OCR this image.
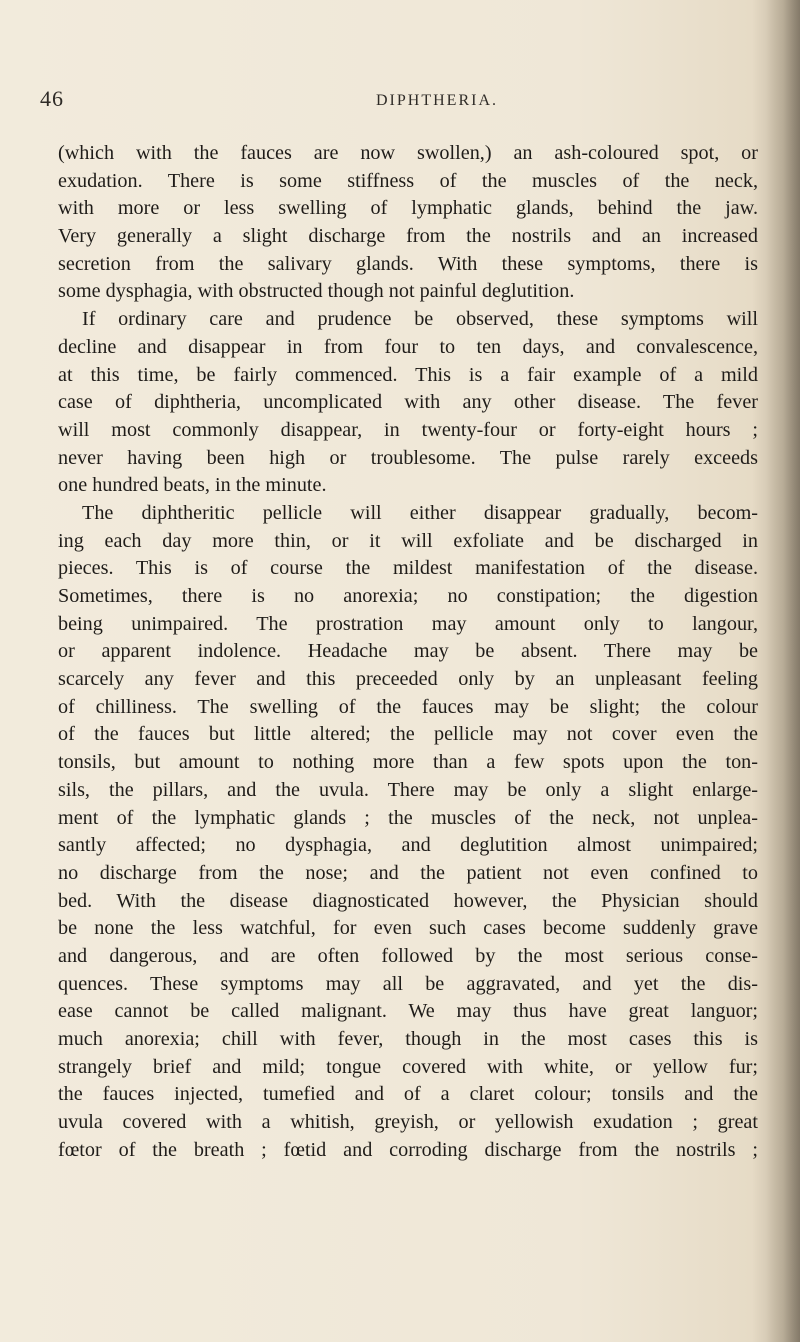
46	DIPHTHERIA.
(which with the fauces are now swollen,) an ash-coloured spot, or
exudation. There is some stiffness of the muscles of the neck,
with more or less swelling of lymphatic glands, behind the jaw.
Very generally a slight discharge from the nostrils and an increased
secretion from the salivary glands. With these symptoms, there is
some dysphagia, with obstructed though not painful deglutition.
If ordinary care and prudence be observed, these symptoms will
decline and disappear in from four to ten days, and convalescence,
at this time, be fairly commenced. This is a fair example of a mild
case of diphtheria, uncomplicated with any other disease. The fever
will most commonly disappear, in twenty-four or forty-eight hours ;
never having been high or troublesome. The pulse rarely exceeds
one hundred beats, in the minute.
The diphtheritic pellicle will either disappear gradually, becom-
ing each day more thin, or it will exfoliate and be discharged in
pieces. This is of course the mildest manifestation of the disease.
Sometimes, there is no anorexia; no constipation; the digestion
being unimpaired. The prostration may amount only to langour,
or apparent indolence. Headache may be absent. There may be
scarcely any fever and this preceeded only by an unpleasant feeling
of chilliness. The swelling of the fauces may be slight; the colour
of the fauces but little altered; the pellicle may not cover even the
tonsils, but amount to nothing more than a few spots upon the ton-
sils, the pillars, and the uvula. There may be only a slight enlarge-
ment of the lymphatic glands ; the muscles of the neck, not unplea-
santly affected; no dysphagia, and deglutition almost unimpaired;
no discharge from the nose; and the patient not even confined to
bed. With the disease diagnosticated however, the Physician should
be none the less watchful, for even such cases become suddenly grave
and dangerous, and are often followed by the most serious conse-
quences. These symptoms may all be aggravated, and yet the dis-
ease cannot be called malignant. We may thus have great languor;
much anorexia; chill with fever, though in the most cases this is
strangely brief and mild; tongue covered with white, or yellow fur;
the fauces injected, tumefied and of a claret colour; tonsils and the
uvula covered with a whitish, greyish, or yellowish exudation ; great
fœtor of the breath ; fœtid and corroding discharge from the nostrils ;
